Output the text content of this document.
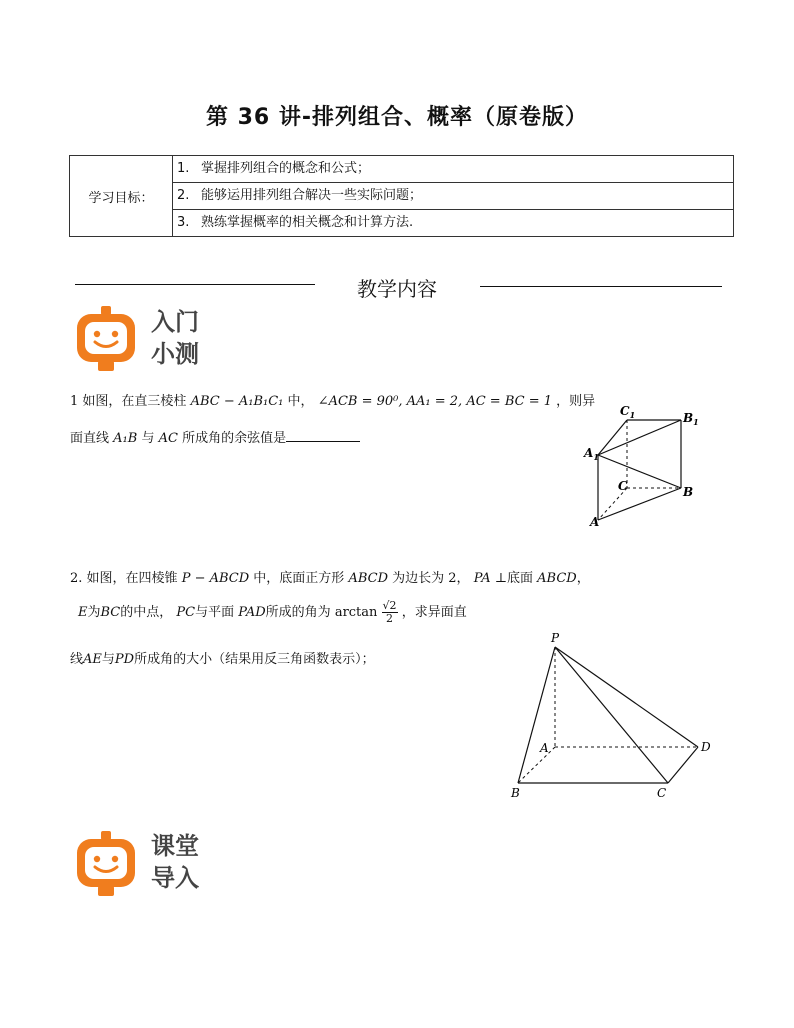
第 36 讲-排列组合、概率（原卷版）
学习目标：	
1. 掌握排列组合的概念和公式；
2. 能够运用排列组合解决一些实际问题；
3. 熟练掌握概率的相关概念和计算方法.
教学内容
入门
小测
1 如图，在直三棱柱 ABC − A₁B₁C₁ 中， ∠ACB = 90⁰, AA₁ = 2, AC = BC = 1 ，则异
面直线 A₁B 与 AC 所成角的余弦值是
$C_1$	$B_1$
$A_1$
C	B
A
2. 如图，在四棱锥 P − ABCD 中，底面正方形 ABCD 为边长为 2， PA ⊥底面 ABCD，
E为BC的中点， PC与平面 PAD所成的角为 $\arctan \frac{√2}{2}$ ，求异面直
线AE与PD所成角的大小（结果用反三角函数表示）；
P
A	D
B	C
课堂
导入
